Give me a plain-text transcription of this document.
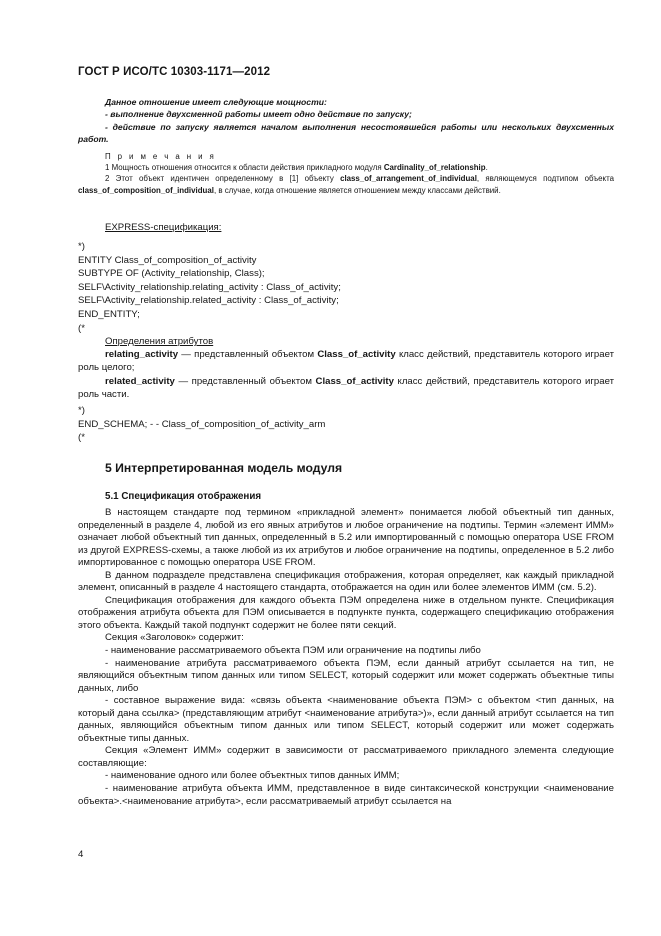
ГОСТ Р ИСО/ТС 10303-1171—2012

Данное отношение имеет следующие мощности:

- выполнение двухсменной работы имеет одно действие по запуску;

- действие по запуску является началом выполнения несостоявшейся работы или нескольких двухсменных работ.

П р и м е ч а н и я

1 Мощность отношения относится к области действия прикладного модуля Cardinality_of_relationship.

2 Этот объект идентичен определенному в [1] объекту class_of_arrangement_of_individual, являющемуся подтипом объекта class_of_composition_of_individual, в случае, когда отношение является отношением между классами действий.

EXPRESS-спецификация:

*)
ENTITY Class_of_composition_of_activity
SUBTYPE OF (Activity_relationship, Class);
SELF\Activity_relationship.relating_activity : Class_of_activity;
SELF\Activity_relationship.related_activity : Class_of_activity;
END_ENTITY;
(*

Определения атрибутов

relating_activity — представленный объектом Class_of_activity класс действий, представитель которого играет роль целого;

related_activity — представленный объектом Class_of_activity класс действий, представитель которого играет роль части.

*)
END_SCHEMA; - - Class_of_composition_of_activity_arm
(*
5 Интерпретированная модель модуля
5.1 Спецификация отображения

В настоящем стандарте под термином «прикладной элемент» понимается любой объектный тип данных, определенный в разделе 4, любой из его явных атрибутов и любое ограничение на подтипы. Термин «элемент ИММ» означает любой объектный тип данных, определенный в 5.2 или импортированный с помощью оператора USE FROM из другой EXPRESS-схемы, а также любой из их атрибутов и любое ограничение на подтипы, определенное в 5.2 либо импортированное с помощью оператора USE FROM.

В данном подразделе представлена спецификация отображения, которая определяет, как каждый прикладной элемент, описанный в разделе 4 настоящего стандарта, отображается на один или более элементов ИММ (см. 5.2).

Спецификация отображения для каждого объекта ПЭМ определена ниже в отдельном пункте. Спецификация отображения атрибута объекта для ПЭМ описывается в подпункте пункта, содержащего спецификацию отображения этого объекта. Каждый такой подпункт содержит не более пяти секций.

Секция «Заголовок» содержит:

- наименование рассматриваемого объекта ПЭМ или ограничение на подтипы либо

- наименование атрибута рассматриваемого объекта ПЭМ, если данный атрибут ссылается на тип, не являющийся объектным типом данных или типом SELECT, который содержит или может содержать объектные типы данных, либо

- составное выражение вида: «связь объекта <наименование объекта ПЭМ> с объектом <тип данных, на который дана ссылка> (представляющим атрибут <наименование атрибута>)», если данный атрибут ссылается на тип данных, являющийся объектным типом данных или типом SELECT, который содержит или может содержать объектные типы данных.

Секция «Элемент ИММ» содержит в зависимости от рассматриваемого прикладного элемента следующие составляющие:

- наименование одного или более объектных типов данных ИММ;

- наименование атрибута объекта ИММ, представленное в виде синтаксической конструкции <наименование объекта>.<наименование атрибута>, если рассматриваемый атрибут ссылается на

4
